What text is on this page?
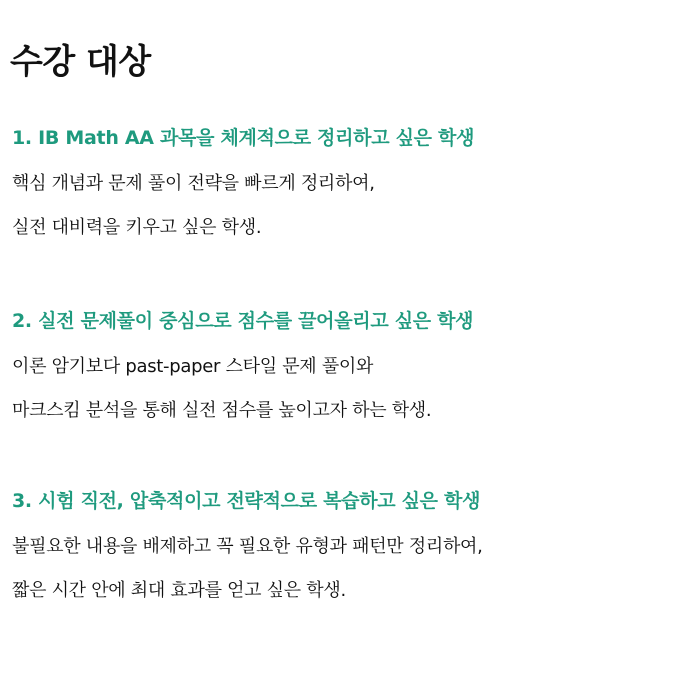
수강 대상

1. IB Math AA 과목을 체계적으로 정리하고 싶은 학생

핵심 개념과 문제 풀이 전략을 빠르게 정리하여,

실전 대비력을 키우고 싶은 학생.

2. 실전 문제풀이 중심으로 점수를 끌어올리고 싶은 학생

이론 암기보다 past-paper 스타일 문제 풀이와

마크스킴 분석을 통해 실전 점수를 높이고자 하는 학생.

3. 시험 직전, 압축적이고 전략적으로 복습하고 싶은 학생

불필요한 내용을 배제하고 꼭 필요한 유형과 패턴만 정리하여,

짧은 시간 안에 최대 효과를 얻고 싶은 학생.
